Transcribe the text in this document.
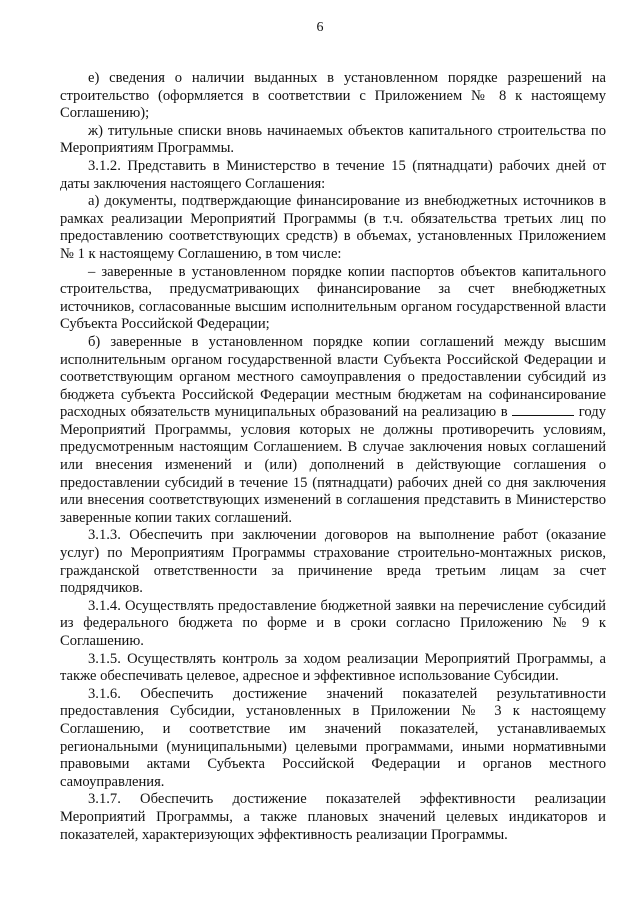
6

е) сведения о наличии выданных в установленном порядке разрешений на строительство (оформляется в соответствии с Приложением № 8 к настоящему Соглашению);

ж) титульные списки вновь начинаемых объектов капитального строительства по Мероприятиям Программы.

3.1.2. Представить в Министерство в течение 15 (пятнадцати) рабочих дней от даты заключения настоящего Соглашения:

а) документы, подтверждающие финансирование из внебюджетных источников в рамках реализации Мероприятий Программы (в т.ч. обязательства третьих лиц по предоставлению соответствующих средств) в объемах, установленных Приложением № 1 к настоящему Соглашению, в том числе:

– заверенные в установленном порядке копии паспортов объектов капитального строительства, предусматривающих финансирование за счет внебюджетных источников, согласованные высшим исполнительным органом государственной власти Субъекта Российской Федерации;

б) заверенные в установленном порядке копии соглашений между высшим исполнительным органом государственной власти Субъекта Российской Федерации и соответствующим органом местного самоуправления о предоставлении субсидий из бюджета субъекта Российской Федерации местным бюджетам на софинансирование расходных обязательств муниципальных образований на реализацию в	году Мероприятий Программы, условия которых не должны противоречить условиям, предусмотренным настоящим Соглашением. В случае заключения новых соглашений или внесения изменений и (или) дополнений в действующие соглашения о предоставлении субсидий в течение 15 (пятнадцати) рабочих дней со дня заключения или внесения соответствующих изменений в соглашения представить в Министерство заверенные копии таких соглашений.

3.1.3. Обеспечить при заключении договоров на выполнение работ (оказание услуг) по Мероприятиям Программы страхование строительно-монтажных рисков, гражданской ответственности за причинение вреда третьим лицам за счет подрядчиков.

3.1.4. Осуществлять предоставление бюджетной заявки на перечисление субсидий из федерального бюджета по форме и в сроки согласно Приложению № 9 к Соглашению.

3.1.5. Осуществлять контроль за ходом реализации Мероприятий Программы, а также обеспечивать целевое, адресное и эффективное использование Субсидии.

3.1.6. Обеспечить достижение значений показателей результативности предоставления Субсидии, установленных в Приложении № 3 к настоящему Соглашению, и соответствие им значений показателей, устанавливаемых региональными (муниципальными) целевыми программами, иными нормативными правовыми актами Субъекта Российской Федерации и органов местного самоуправления.

3.1.7. Обеспечить достижение показателей эффективности реализации Мероприятий Программы, а также плановых значений целевых индикаторов и показателей, характеризующих эффективность реализации Программы.
